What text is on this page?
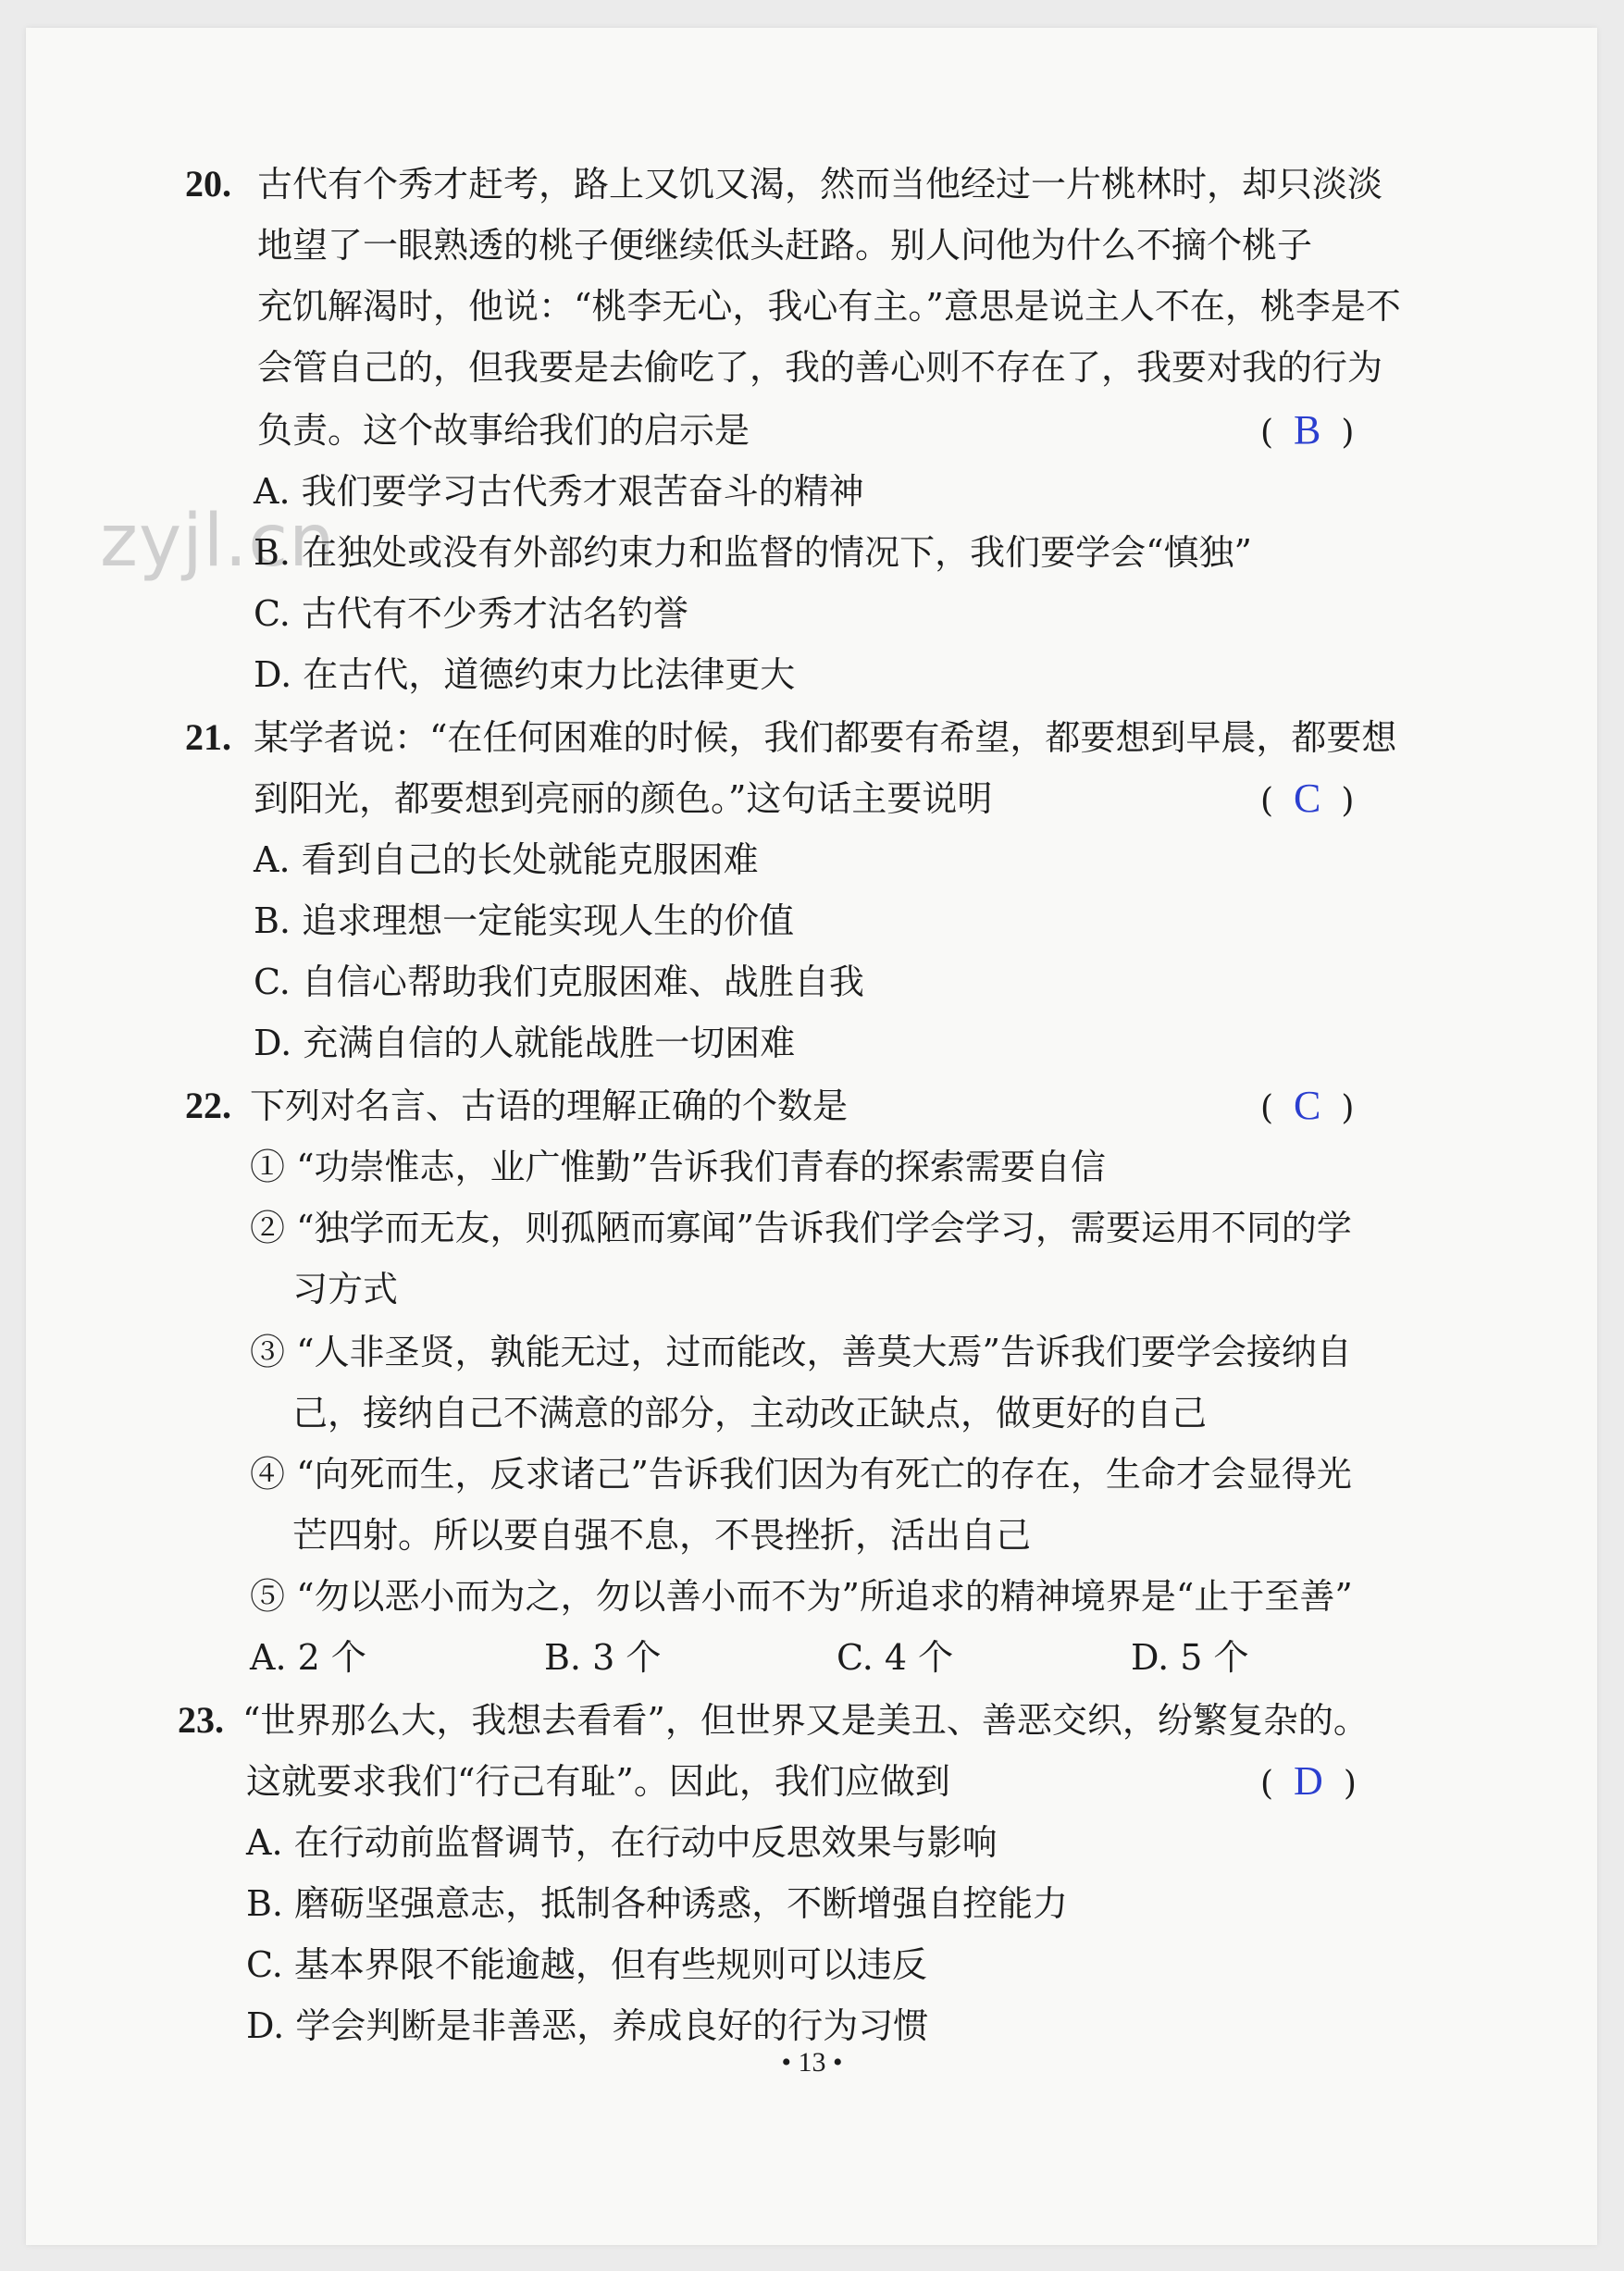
zyjl.cn
20. 古代有个秀才赶考，路上又饥又渴，然而当他经过一片桃林时，却只淡淡
地望了一眼熟透的桃子便继续低头赶路。别人问他为什么不摘个桃子
充饥解渴时，他说：“桃李无心，我心有主。”意思是说主人不在，桃李是不
会管自己的，但我要是去偷吃了，我的善心则不存在了，我要对我的行为
负责。这个故事给我们的启示是	( B )
A. 我们要学习古代秀才艰苦奋斗的精神
B. 在独处或没有外部约束力和监督的情况下，我们要学会“慎独”
C. 古代有不少秀才沽名钓誉
D. 在古代，道德约束力比法律更大
21. 某学者说：“在任何困难的时候，我们都要有希望，都要想到早晨，都要想
到阳光，都要想到亮丽的颜色。”这句话主要说明	( C )
A. 看到自己的长处就能克服困难
B. 追求理想一定能实现人生的价值
C. 自信心帮助我们克服困难、战胜自我
D. 充满自信的人就能战胜一切困难
22. 下列对名言、古语的理解正确的个数是	( C )
① “功崇惟志，业广惟勤”告诉我们青春的探索需要自信
② “独学而无友，则孤陋而寡闻”告诉我们学会学习，需要运用不同的学
习方式
③ “人非圣贤，孰能无过，过而能改，善莫大焉”告诉我们要学会接纳自
己，接纳自己不满意的部分，主动改正缺点，做更好的自己
④ “向死而生，反求诸己”告诉我们因为有死亡的存在，生命才会显得光
芒四射。所以要自强不息，不畏挫折，活出自己
⑤ “勿以恶小而为之，勿以善小而不为”所追求的精神境界是“止于至善”
A. 2 个	B. 3 个	C. 4 个	D. 5 个
23. “世界那么大，我想去看看”，但世界又是美丑、善恶交织，纷繁复杂的。
这就要求我们“行己有耻”。因此，我们应做到	( D )
A. 在行动前监督调节，在行动中反思效果与影响
B. 磨砺坚强意志，抵制各种诱惑，不断增强自控能力
C. 基本界限不能逾越，但有些规则可以违反
D. 学会判断是非善恶，养成良好的行为习惯
• 13 •
